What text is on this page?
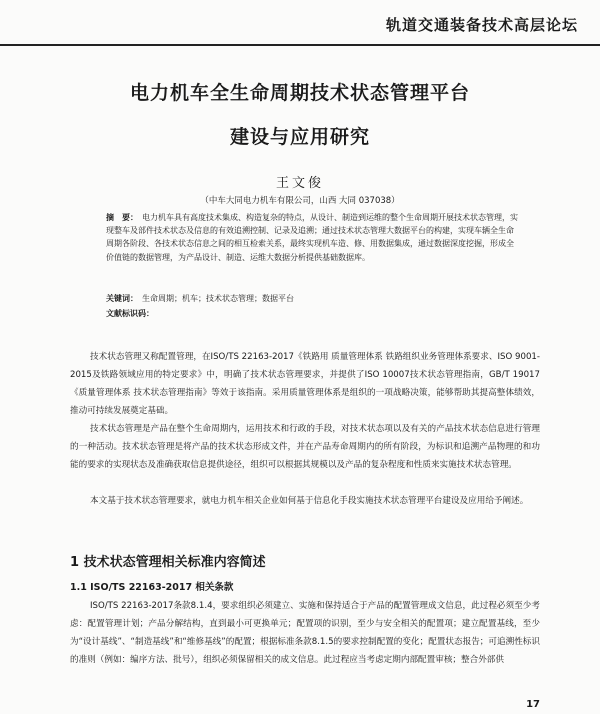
轨道交通装备技术高层论坛
电力机车全生命周期技术状态管理平台
建设与应用研究
王文俊
（中车大同电力机车有限公司，山西 大同 037038）
摘　要： 电力机车具有高度技术集成、构造复杂的特点，从设计、制造到运维的整个生命周期开展技术状态管理，实现整车及部件技术状态及信息的有效追溯控制、记录及追溯；通过技术状态管理大数据平台的构建，实现车辆全生命周期各阶段、各技术状态信息之间的相互检索关系，最终实现机车造、修、用数据集成，通过数据深度挖掘，形成全价值链的数据管理，为产品设计、制造、运维大数据分析提供基础数据库。
关键词： 生命周期；机车；技术状态管理；数据平台
文献标识码：

技术状态管理又称配置管理，在ISO/TS 22163-2017《铁路用 质量管理体系 铁路组织业务管理体系要求、ISO 9001-2015及铁路领域应用的特定要求》中，明确了技术状态管理要求，并提供了ISO 10007技术状态管理指南，GB/T 19017《质量管理体系 技术状态管理指南》等效于该指南。采用质量管理体系是组织的一项战略决策，能够帮助其提高整体绩效，推动可持续发展奠定基础。

技术状态管理是产品在整个生命周期内，运用技术和行政的手段，对技术状态项以及有关的产品技术状态信息进行管理的一种活动。技术状态管理是将产品的技术状态形成文件，并在产品寿命周期内的所有阶段，为标识和追溯产品物理的和功能的要求的实现状态及准确获取信息提供途径，组织可以根据其规模以及产品的复杂程度和性质来实施技术状态管理。

本文基于技术状态管理要求，就电力机车相关企业如何基于信息化手段实施技术状态管理平台建设及应用给予阐述。

1 技术状态管理相关标准内容简述
1.1 ISO/TS 22163-2017 相关条款

ISO/TS 22163-2017条款8.1.4，要求组织必须建立、实施和保持适合于产品的配置管理成文信息，此过程必须至少考虑：配置管理计划；产品分解结构，直到最小可更换单元；配置项的识别，至少与安全相关的配置项；建立配置基线，至少为“设计基线”、“制造基线”和“维修基线”的配置；根据标准条款8.1.5的要求控制配置的变化；配置状态报告；可追溯性标识的准则（例如：编序方法、批号），组织必须保留相关的成文信息。此过程应当考虑定期内部配置审核；整合外部供

17
